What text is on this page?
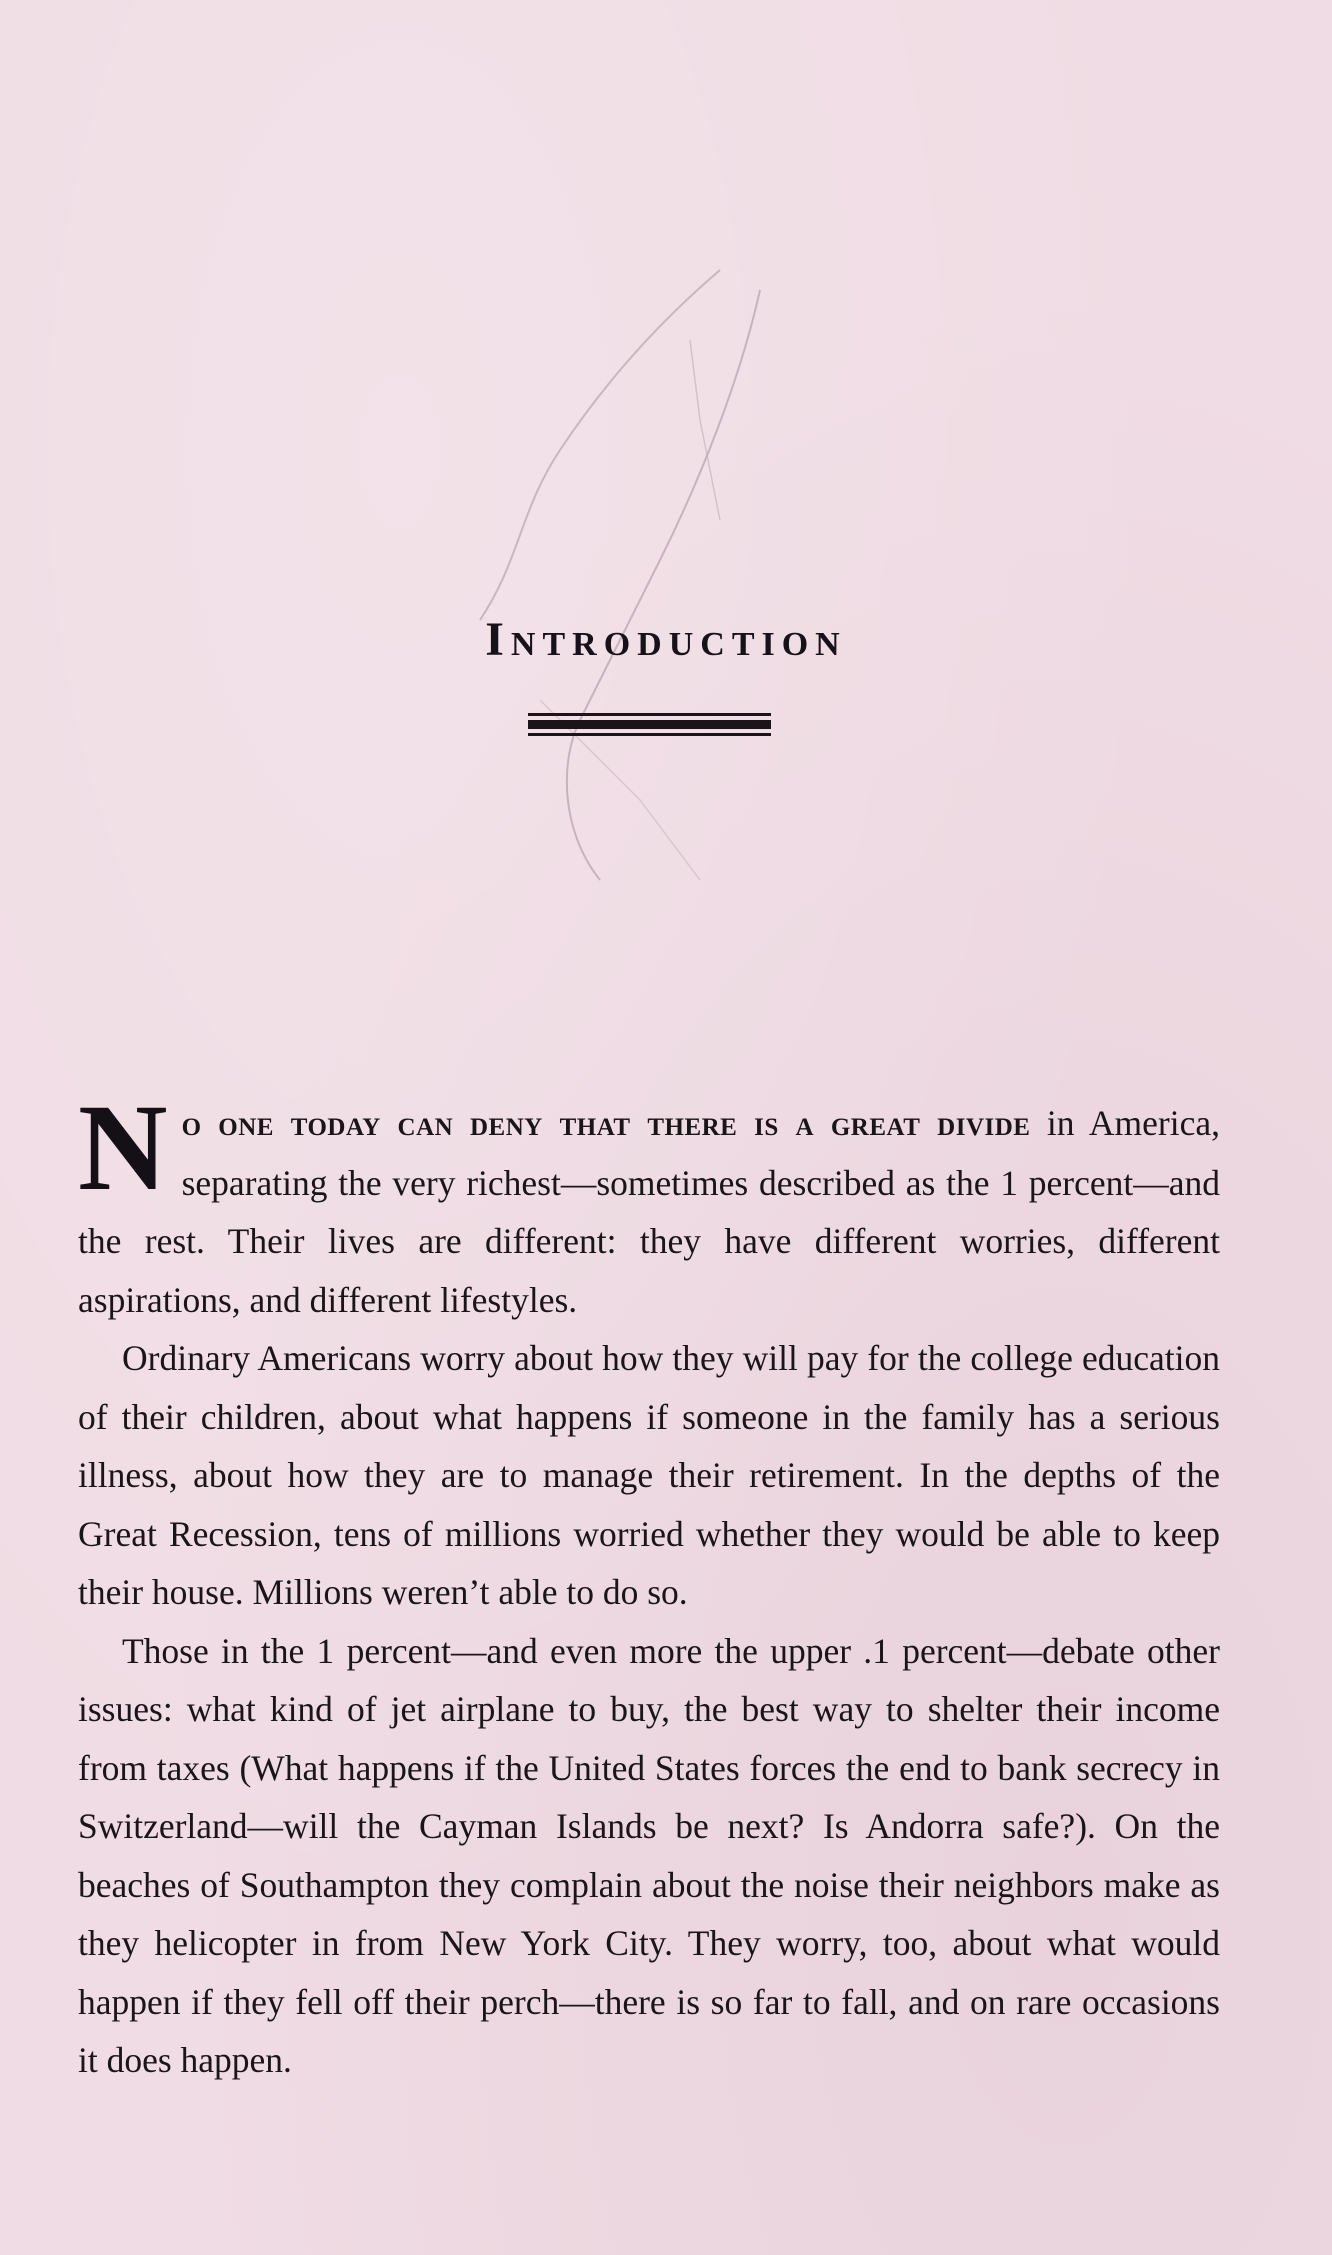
Introduction

No one today can deny that there is a great divide in America, separating the very richest—sometimes described as the 1 percent—and the rest. Their lives are different: they have different worries, different aspirations, and different lifestyles.

Ordinary Americans worry about how they will pay for the college education of their children, about what happens if someone in the family has a serious illness, about how they are to manage their retirement. In the depths of the Great Recession, tens of millions worried whether they would be able to keep their house. Millions weren’t able to do so.

Those in the 1 percent—and even more the upper .1 percent—debate other issues: what kind of jet airplane to buy, the best way to shelter their income from taxes (What happens if the United States forces the end to bank secrecy in Switzerland—will the Cayman Islands be next? Is Andorra safe?). On the beaches of Southampton they complain about the noise their neighbors make as they helicopter in from New York City. They worry, too, about what would happen if they fell off their perch—there is so far to fall, and on rare occasions it does happen.
